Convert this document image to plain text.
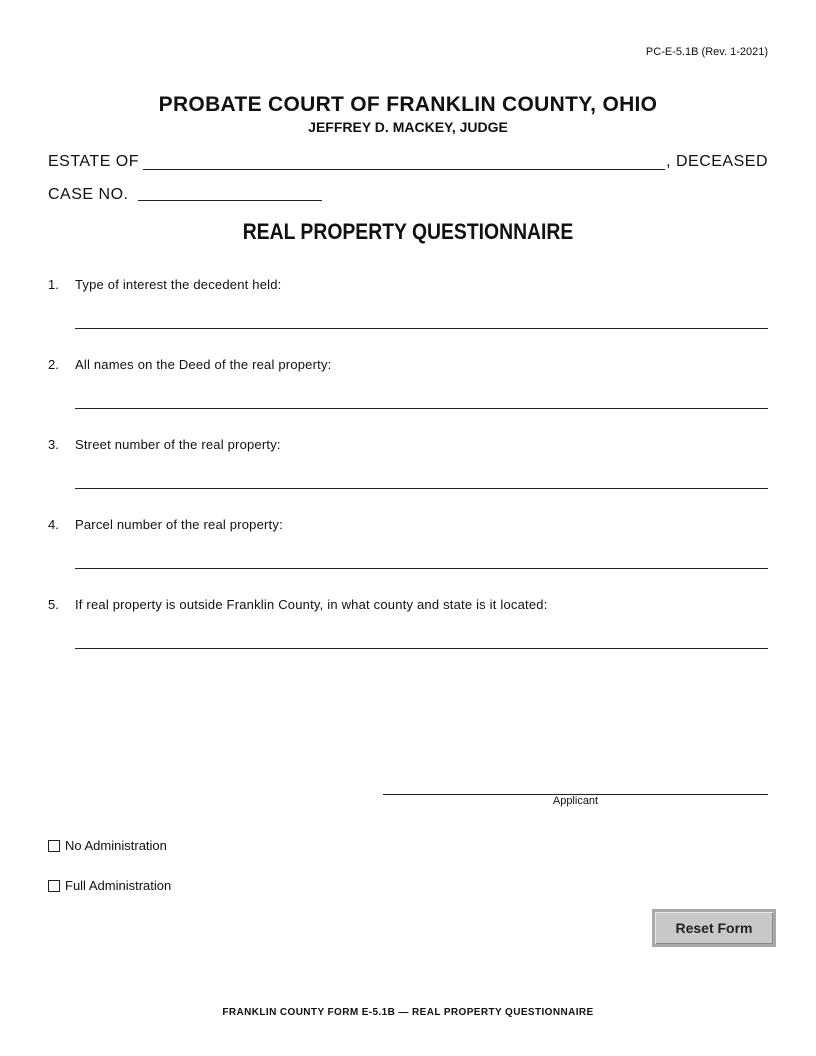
PC-E-5.1B (Rev. 1-2021)
PROBATE COURT OF FRANKLIN COUNTY, OHIO
JEFFREY D. MACKEY, JUDGE
ESTATE OF	, DECEASED
CASE NO.
REAL PROPERTY QUESTIONNAIRE
1. Type of interest the decedent held:
2. All names on the Deed of the real property:
3. Street number of the real property:
4. Parcel number of the real property:
5. If real property is outside Franklin County, in what county and state is it located:
Applicant
No Administration
Full Administration
Reset Form
FRANKLIN COUNTY FORM E-5.1B — REAL PROPERTY QUESTIONNAIRE
